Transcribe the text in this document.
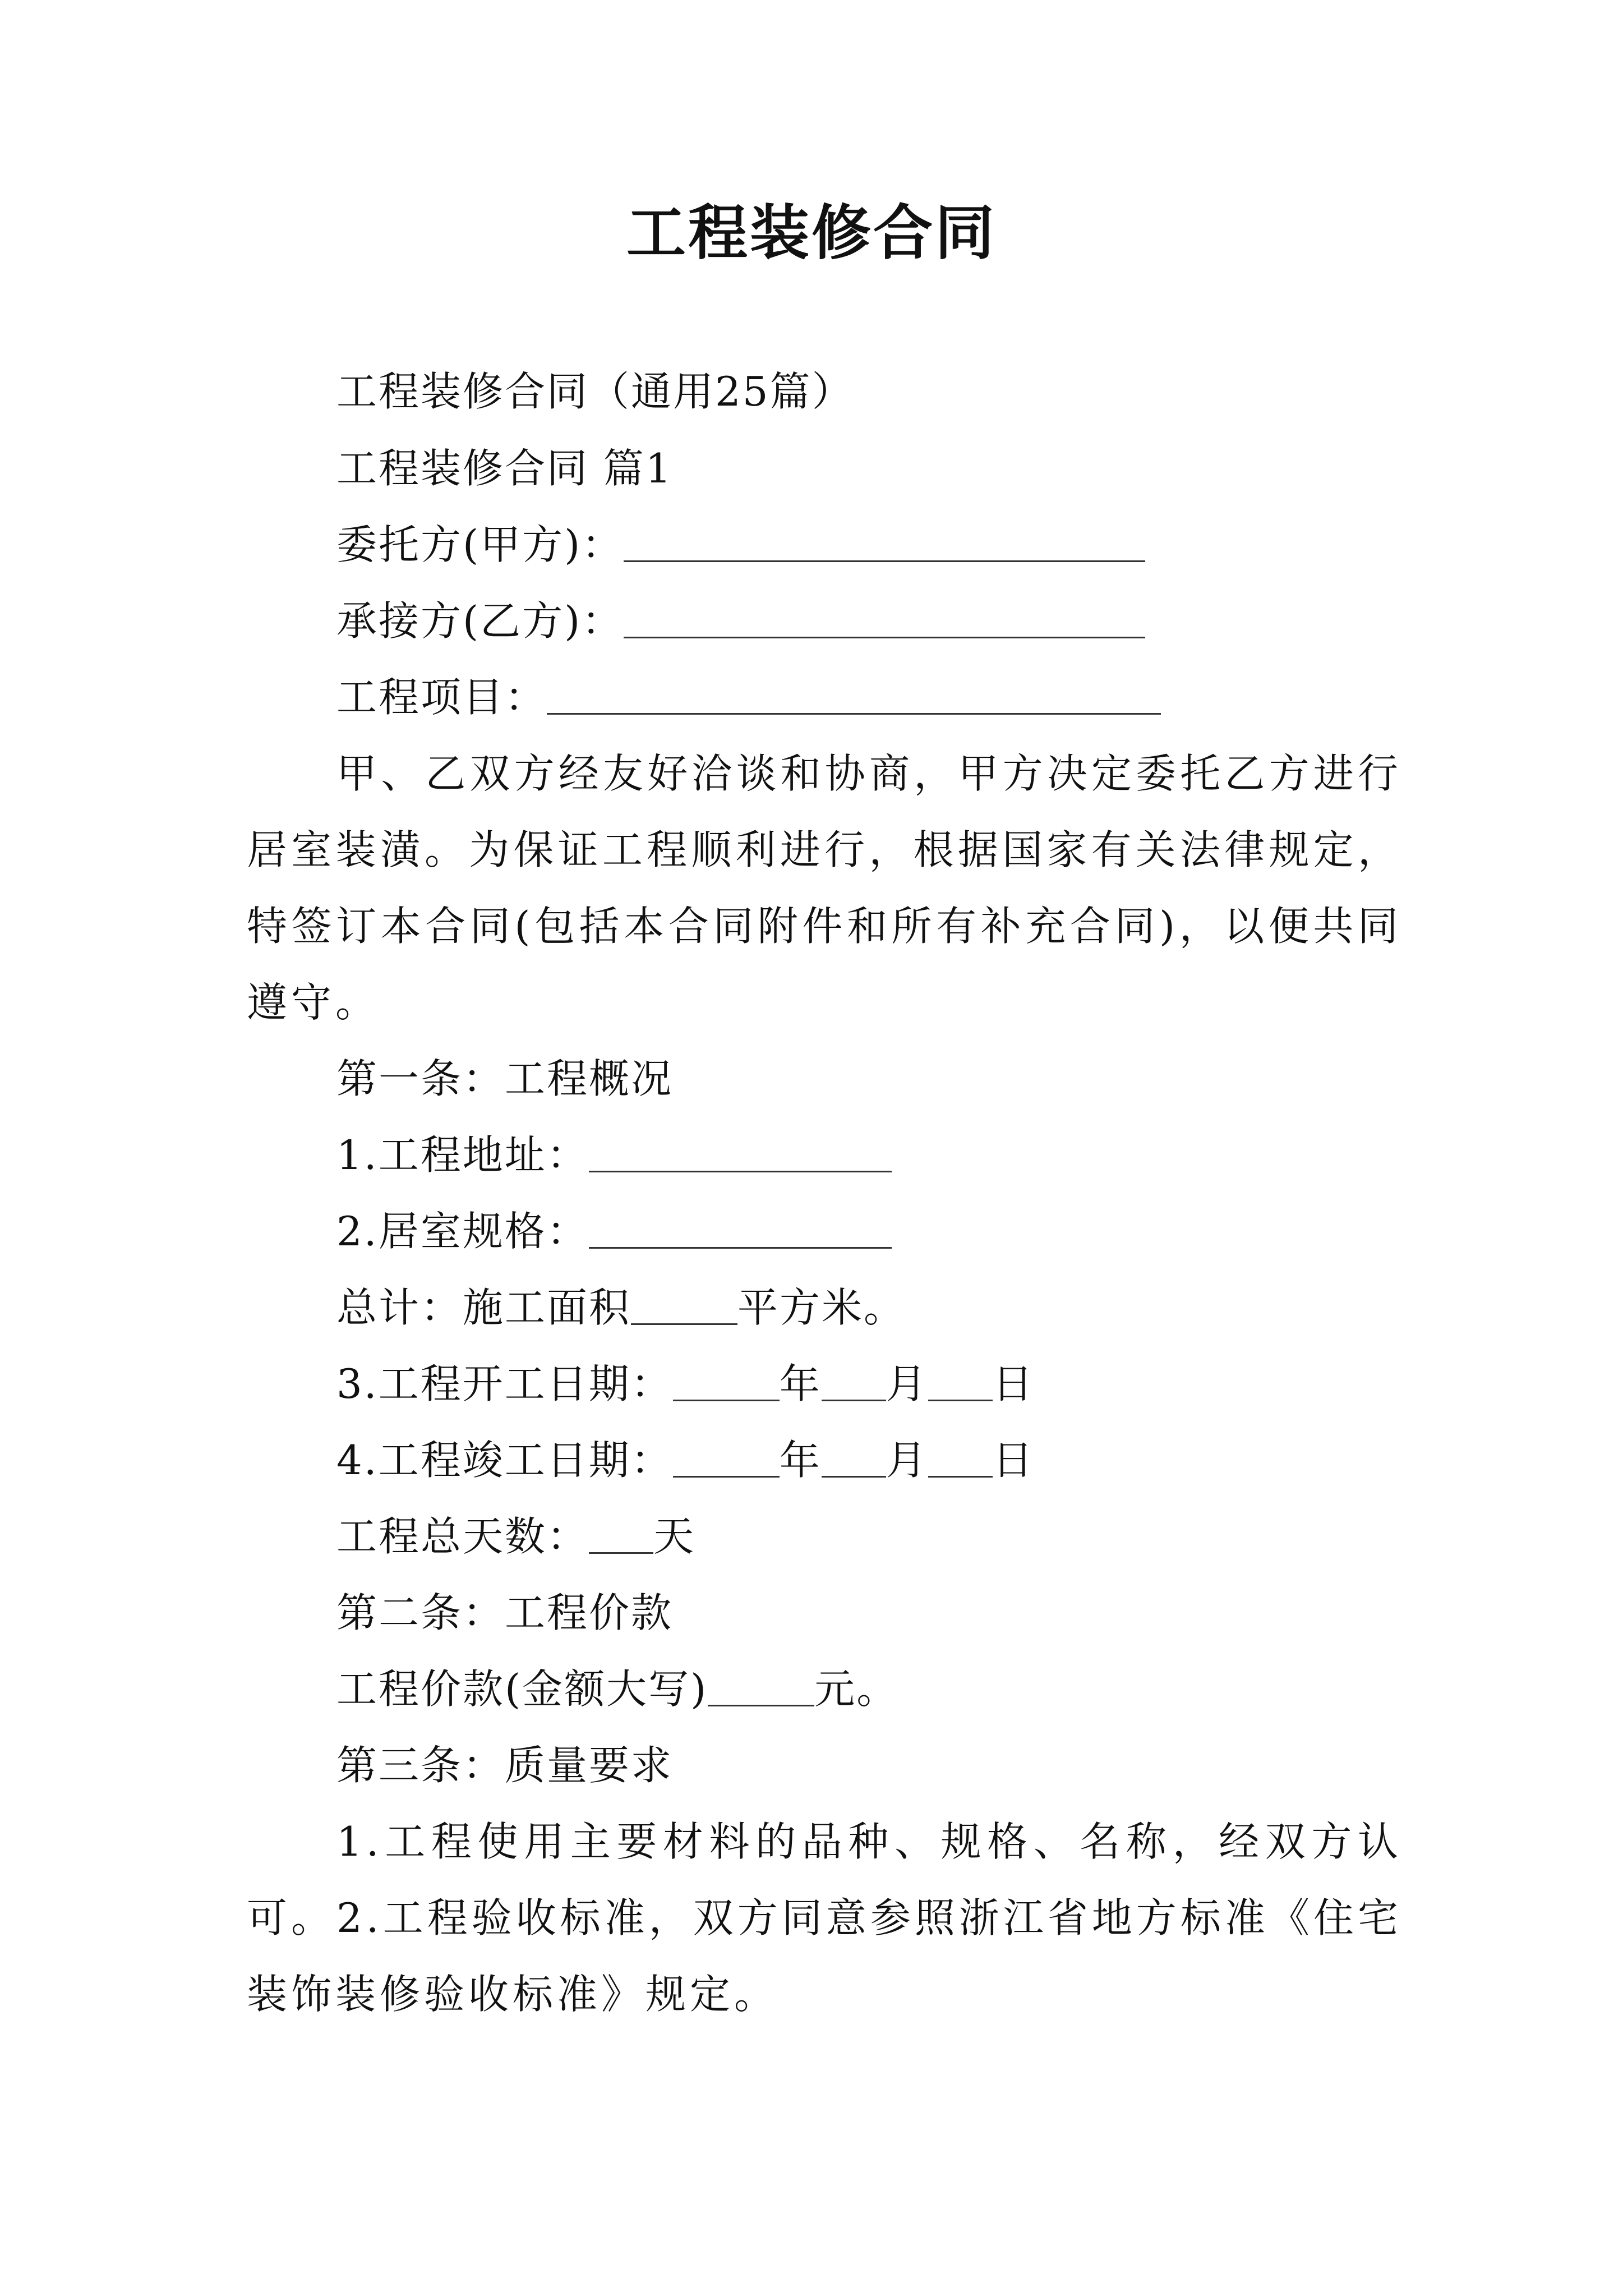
工程装修合同
工程装修合同（通用25篇）
工程装修合同 篇1
委托方(甲方)：
承接方(乙方)：
工程项目：
甲、乙双方经友好洽谈和协商，甲方决定委托乙方进行居室装潢。为保证工程顺利进行，根据国家有关法律规定，特签订本合同(包括本合同附件和所有补充合同)，以便共同遵守。
第一条：工程概况
1.工程地址：
2.居室规格：
总计：施工面积	平方米。
3.工程开工日期：	年 月 日
4.工程竣工日期：	年 月 日
工程总天数： 天
第二条：工程价款
工程价款(金额大写)	元。
第三条：质量要求
1.工程使用主要材料的品种、规格、名称，经双方认可。 2.工程验收标准，双方同意参照浙江省地方标准《住宅装饰装修验收标准》规定。
